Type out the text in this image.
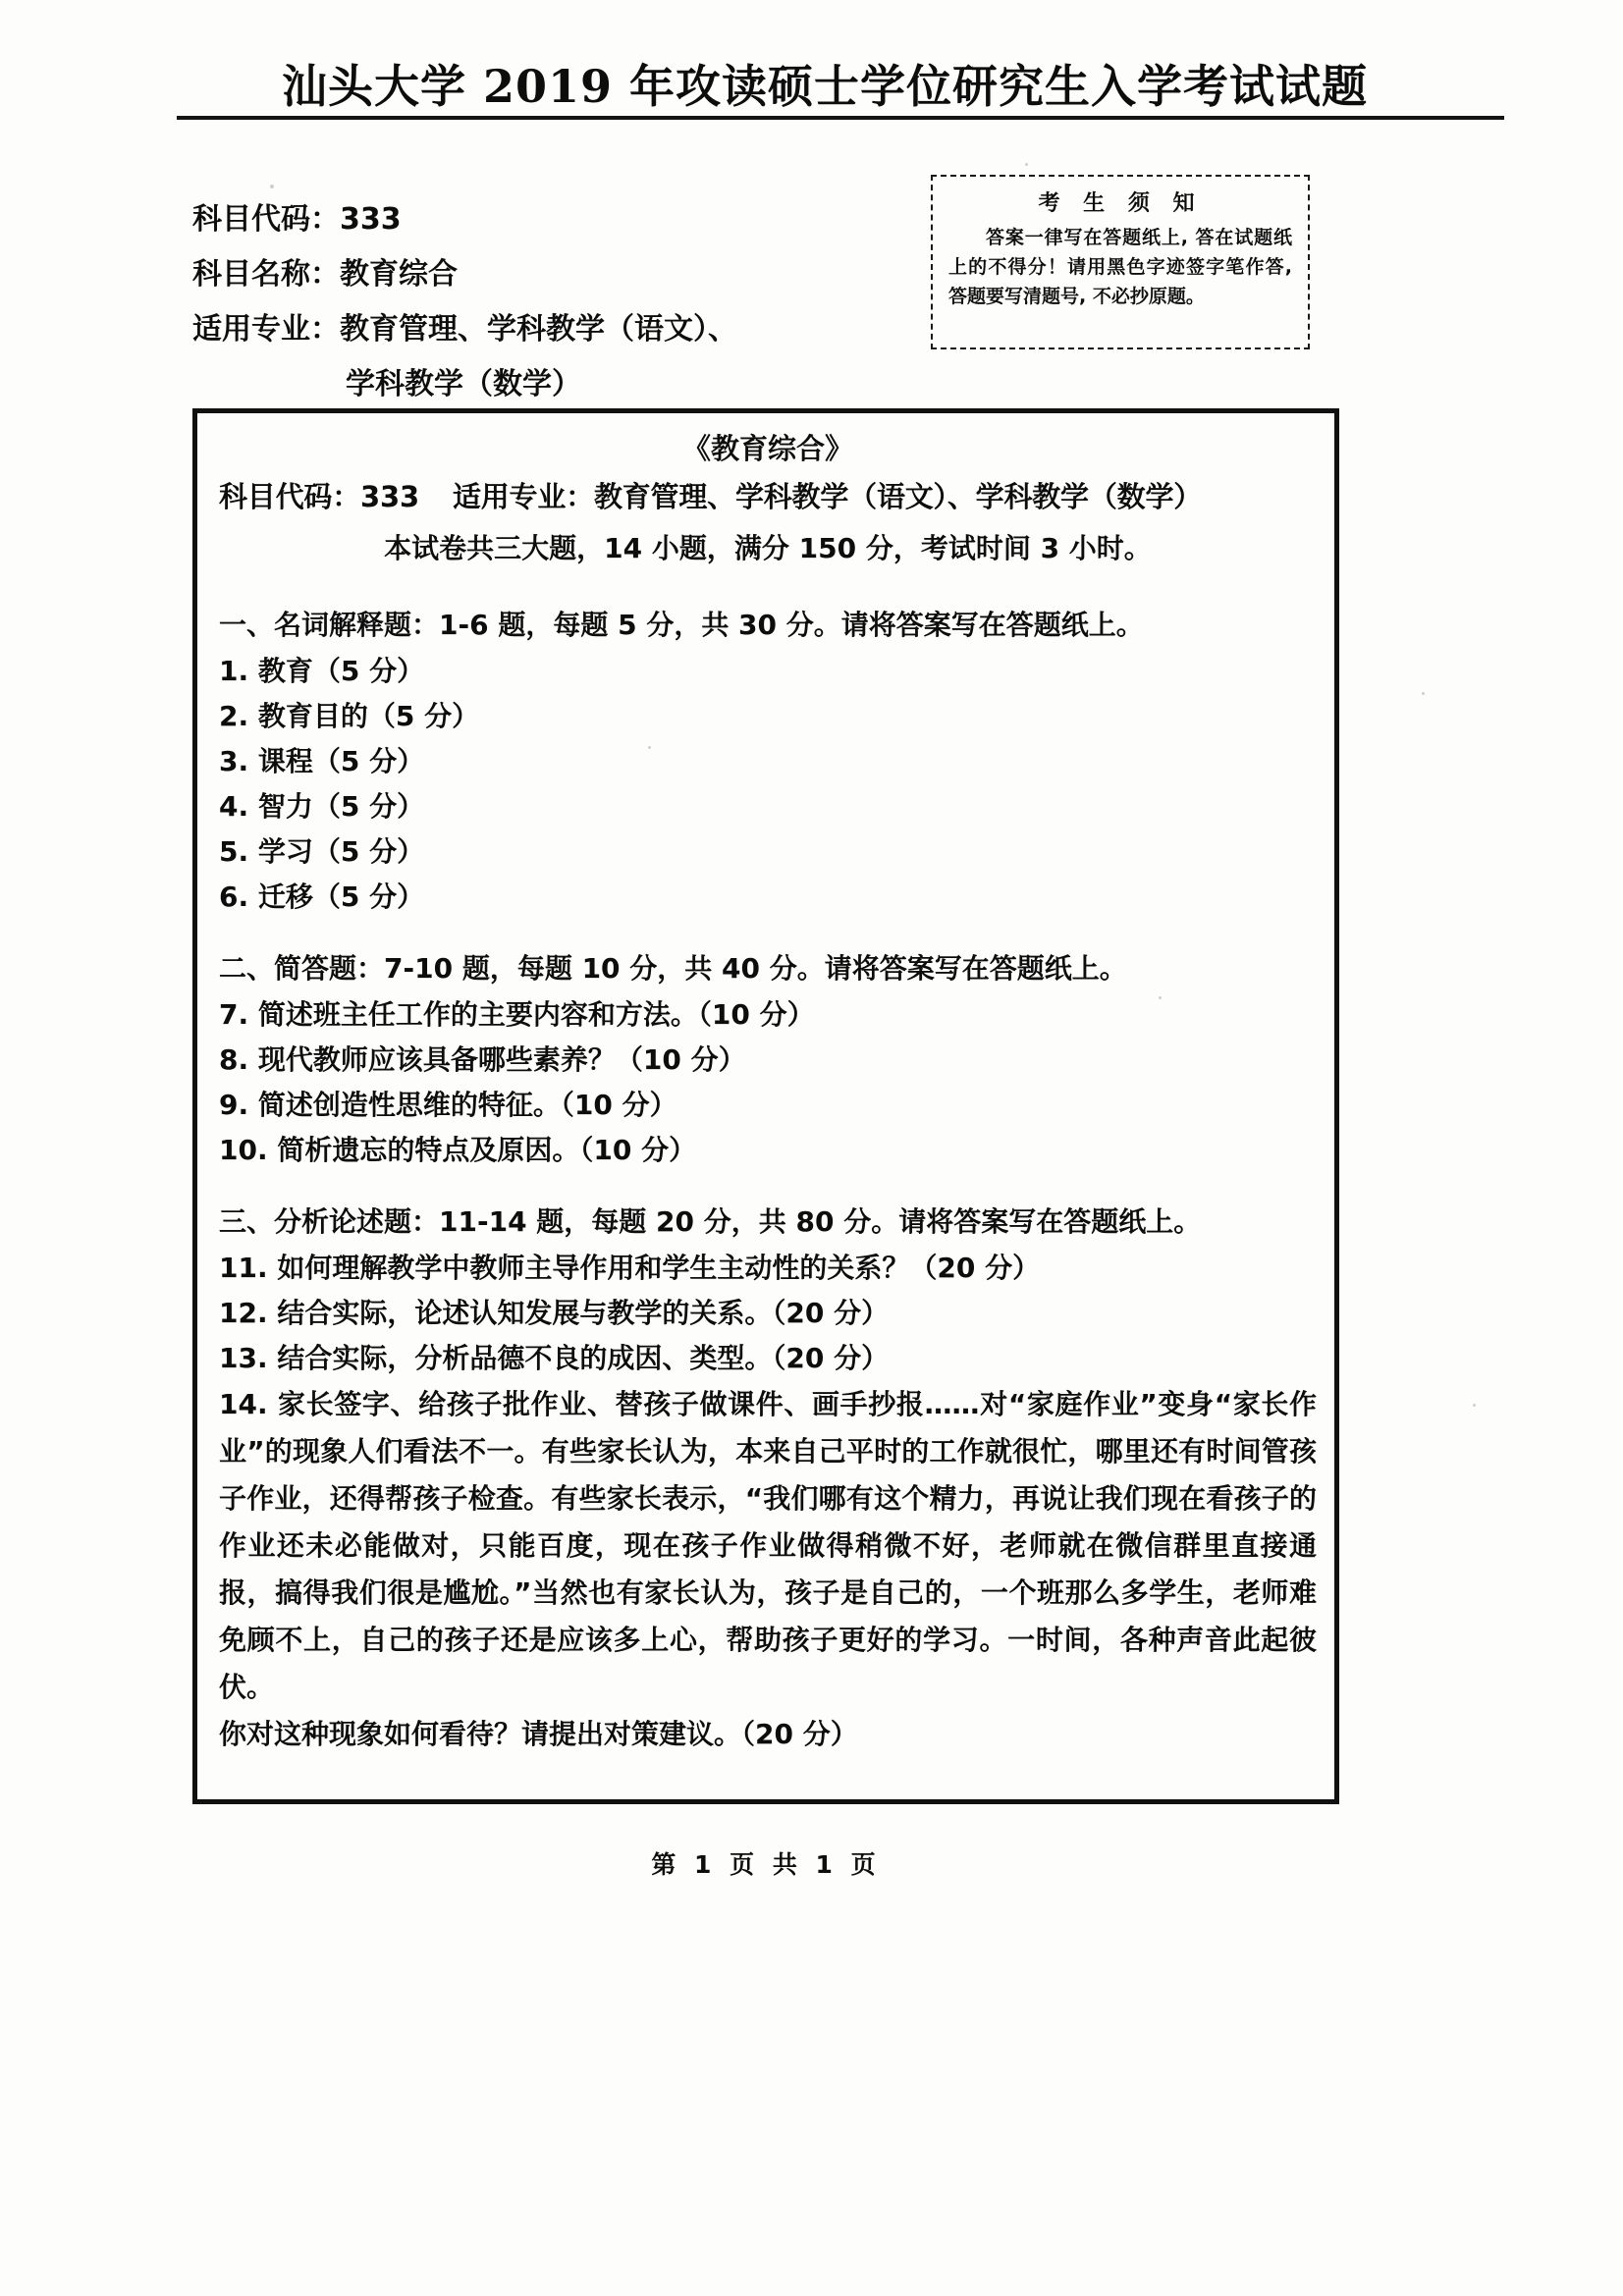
汕头大学 2019 年攻读硕士学位研究生入学考试试题
科目代码：333
科目名称：教育综合
适用专业：教育管理、学科教学（语文）、
学科教学（数学）
考 生 须 知
答案一律写在答题纸上, 答在试题纸上的不得分！请用黑色字迹签字笔作答, 答题要写清题号, 不必抄原题。
《教育综合》
科目代码：333 适用专业：教育管理、学科教学（语文）、学科教学（数学）
本试卷共三大题，14 小题，满分 150 分，考试时间 3 小时。
一、名词解释题：1-6 题，每题 5 分，共 30 分。请将答案写在答题纸上。
1. 教育（5 分）
2. 教育目的（5 分）
3. 课程（5 分）
4. 智力（5 分）
5. 学习（5 分）
6. 迁移（5 分）
二、简答题：7-10 题，每题 10 分，共 40 分。请将答案写在答题纸上。
7. 简述班主任工作的主要内容和方法。（10 分）
8. 现代教师应该具备哪些素养？（10 分）
9. 简述创造性思维的特征。（10 分）
10. 简析遗忘的特点及原因。（10 分）
三、分析论述题：11-14 题，每题 20 分，共 80 分。请将答案写在答题纸上。
11. 如何理解教学中教师主导作用和学生主动性的关系？（20 分）
12. 结合实际，论述认知发展与教学的关系。（20 分）
13. 结合实际，分析品德不良的成因、类型。（20 分）
14. 家长签字、给孩子批作业、替孩子做课件、画手抄报……对“家庭作业”变身“家长作业”的现象人们看法不一。有些家长认为，本来自己平时的工作就很忙，哪里还有时间管孩子作业，还得帮孩子检查。有些家长表示，“我们哪有这个精力，再说让我们现在看孩子的作业还未必能做对，只能百度，现在孩子作业做得稍微不好，老师就在微信群里直接通报，搞得我们很是尴尬。”当然也有家长认为，孩子是自己的，一个班那么多学生，老师难免顾不上，自己的孩子还是应该多上心，帮助孩子更好的学习。一时间，各种声音此起彼伏。
你对这种现象如何看待？请提出对策建议。（20 分）
第 1 页 共 1 页
